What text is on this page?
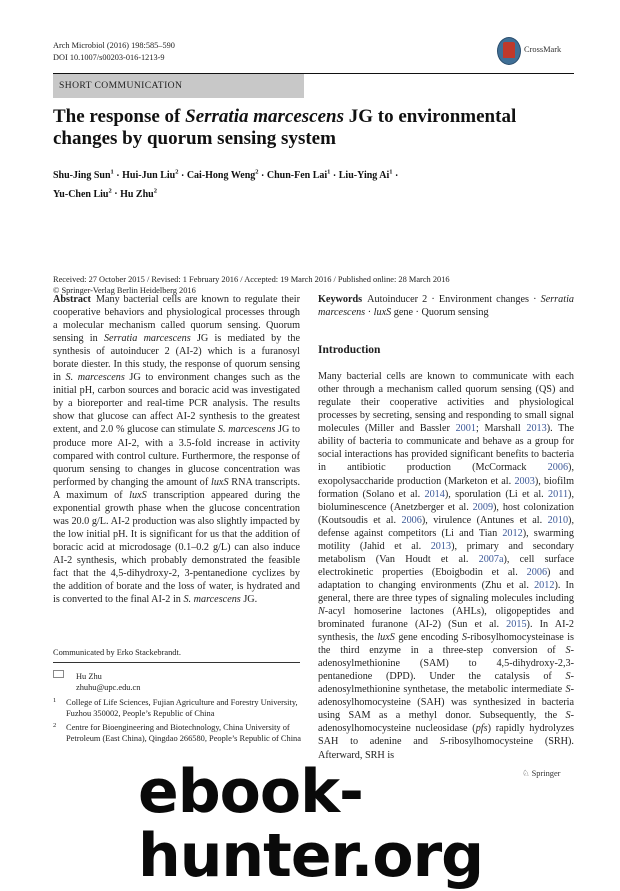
Arch Microbiol (2016) 198:585–590
DOI 10.1007/s00203-016-1213-9
CrossMark
SHORT COMMUNICATION
The response of Serratia marcescens JG to environmental changes by quorum sensing system
Shu-Jing Sun$^1$ · Hui-Jun Liu$^2$ · Cai-Hong Weng$^2$ · Chun-Fen Lai$^1$ · Liu-Ying $Ai^1$ ·
Yu-Chen Liu$^2$ · Hu Zhu$^2$
Received: 27 October 2015 / Revised: 1 February 2016 / Accepted: 19 March 2016 / Published online: 28 March 2016
© Springer-Verlag Berlin Heidelberg 2016
Abstract Many bacterial cells are known to regulate their cooperative behaviors and physiological processes through a molecular mechanism called quorum sensing. Quorum sensing in Serratia marcescens JG is mediated by the synthesis of autoinducer 2 (AI-2) which is a furanosyl borate diester. In this study, the response of quorum sensing in S. marcescens JG to environment changes such as the initial pH, carbon sources and boracic acid was investigated by a bioreporter and real-time PCR analysis. The results show that glucose can affect AI-2 synthesis to the greatest extent, and 2.0 % glucose can stimulate S. marcescens JG to produce more AI-2, with a 3.5-fold increase in activity compared with control culture. Furthermore, the response of quorum sensing to changes in glucose concentration was performed by changing the amount of luxS RNA transcripts. A maximum of luxS transcription appeared during the exponential growth phase when the glucose concentration was 20.0 g/L. AI-2 production was also slightly impacted by the low initial pH. It is significant for us that the addition of boracic acid at microdosage (0.1–0.2 g/L) can also induce AI-2 synthesis, which probably demonstrated the feasible fact that the 4,5-dihydroxy-2, 3-pentanedione cyclizes by the addition of borate and the loss of water, is hydrated and is converted to the final AI-2 in S. marcescens JG.
Communicated by Erko Stackebrandt.
Hu Zhu
zhuhu@upc.edu.cn
1 College of Life Sciences, Fujian Agriculture and Forestry University, Fuzhou 350002, People’s Republic of China
2 Centre for Bioengineering and Biotechnology, China University of Petroleum (East China), Qingdao 266580, People’s Republic of China
Keywords Autoinducer 2 · Environment changes · Serratia marcescens · luxS gene · Quorum sensing
Introduction
Many bacterial cells are known to communicate with each other through a mechanism called quorum sensing (QS) and regulate their cooperative activities and physiological processes by secreting, sensing and responding to small signal molecules (Miller and Bassler 2001; Marshall 2013). The ability of bacteria to communicate and behave as a group for social interactions has provided significant benefits to bacteria in antibiotic production (McCormack 2006), exopolysaccharide production (Marketon et al. 2003), biofilm formation (Solano et al. 2014), sporulation (Li et al. 2011), bioluminescence (Anetzberger et al. 2009), host colonization (Koutsoudis et al. 2006), virulence (Antunes et al. 2010), defense against competitors (Li and Tian 2012), swarming motility (Jahid et al. 2013), primary and secondary metabolism (Van Houdt et al. 2007a), cell surface electrokinetic properties (Eboigbodin et al. 2006) and adaptation to changing environments (Zhu et al. 2012). In general, there are three types of signaling molecules including N-acyl homoserine lactones (AHLs), oligopeptides and brominated furanone (AI-2) (Sun et al. 2015). In AI-2 synthesis, the luxS gene encoding S-ribosylhomocysteinase is the third enzyme in a three-step conversion of S-adenosylmethionine (SAM) to 4,5-dihydroxy-2,3-pentanedione (DPD). Under the catalysis of S-adenosylmethionine synthetase, the metabolic intermediate S-adenosylhomocysteine (SAH) was synthesized in bacteria using SAM as a methyl donor. Subsequently, the S-adenosylhomocysteine nucleosidase (pfs) rapidly hydrolyzes SAH to adenine and S-ribosylhomocysteine (SRH). Afterward, SRH is
♘ Springer
ebook-hunter.org
